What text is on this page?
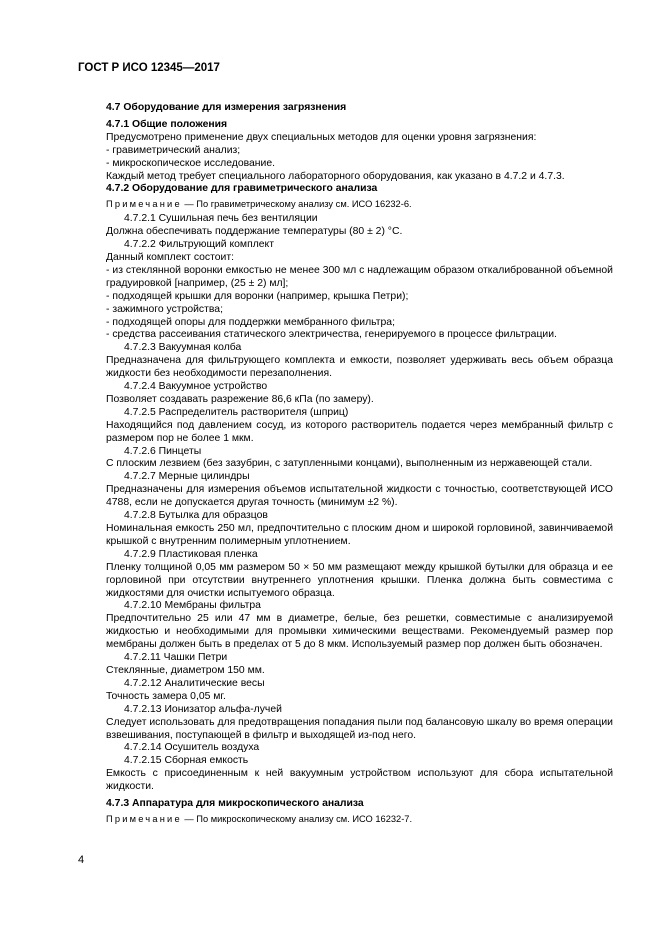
ГОСТ Р ИСО 12345—2017

4.7 Оборудование для измерения загрязнения

4.7.1 Общие положения

Предусмотрено применение двух специальных методов для оценки уровня загрязнения:

- гравиметрический анализ;

- микроскопическое исследование.

Каждый метод требует специального лабораторного оборудования, как указано в 4.7.2 и 4.7.3.

4.7.2 Оборудование для гравиметрического анализа

Примечание — По гравиметрическому анализу см. ИСО 16232-6.

4.7.2.1 Сушильная печь без вентиляции

Должна обеспечивать поддержание температуры (80 ± 2) °С.

4.7.2.2 Фильтрующий комплект

Данный комплект состоит:

- из стеклянной воронки емкостью не менее 300 мл с надлежащим образом откалиброванной объемной градуировкой [например, (25 ± 2) мл];

- подходящей крышки для воронки (например, крышка Петри);

- зажимного устройства;

- подходящей опоры для поддержки мембранного фильтра;

- средства рассеивания статического электричества, генерируемого в процессе фильтрации.

4.7.2.3 Вакуумная колба

Предназначена для фильтрующего комплекта и емкости, позволяет удерживать весь объем образца жидкости без необходимости перезаполнения.

4.7.2.4 Вакуумное устройство

Позволяет создавать разрежение 86,6 кПа (по замеру).

4.7.2.5 Распределитель растворителя (шприц)

Находящийся под давлением сосуд, из которого растворитель подается через мембранный фильтр с размером пор не более 1 мкм.

4.7.2.6 Пинцеты

С плоским лезвием (без зазубрин, с затупленными концами), выполненным из нержавеющей стали.

4.7.2.7 Мерные цилиндры

Предназначены для измерения объемов испытательной жидкости с точностью, соответствующей ИСО 4788, если не допускается другая точность (минимум ±2 %).

4.7.2.8 Бутылка для образцов

Номинальная емкость 250 мл, предпочтительно с плоским дном и широкой горловиной, завинчиваемой крышкой с внутренним полимерным уплотнением.

4.7.2.9 Пластиковая пленка

Пленку толщиной 0,05 мм размером 50 × 50 мм размещают между крышкой бутылки для образца и ее горловиной при отсутствии внутреннего уплотнения крышки. Пленка должна быть совместима с жидкостями для очистки испытуемого образца.

4.7.2.10 Мембраны фильтра

Предпочтительно 25 или 47 мм в диаметре, белые, без решетки, совместимые с анализируемой жидкостью и необходимыми для промывки химическими веществами. Рекомендуемый размер пор мембраны должен быть в пределах от 5 до 8 мкм. Используемый размер пор должен быть обозначен.

4.7.2.11 Чашки Петри

Стеклянные, диаметром 150 мм.

4.7.2.12 Аналитические весы

Точность замера 0,05 мг.

4.7.2.13 Ионизатор альфа-лучей

Следует использовать для предотвращения попадания пыли под балансовую шкалу во время операции взвешивания, поступающей в фильтр и выходящей из-под него.

4.7.2.14 Осушитель воздуха

4.7.2.15 Сборная емкость

Емкость с присоединенным к ней вакуумным устройством используют для сбора испытательной жидкости.

4.7.3 Аппаратура для микроскопического анализа

Примечание — По микроскопическому анализу см. ИСО 16232-7.

4
